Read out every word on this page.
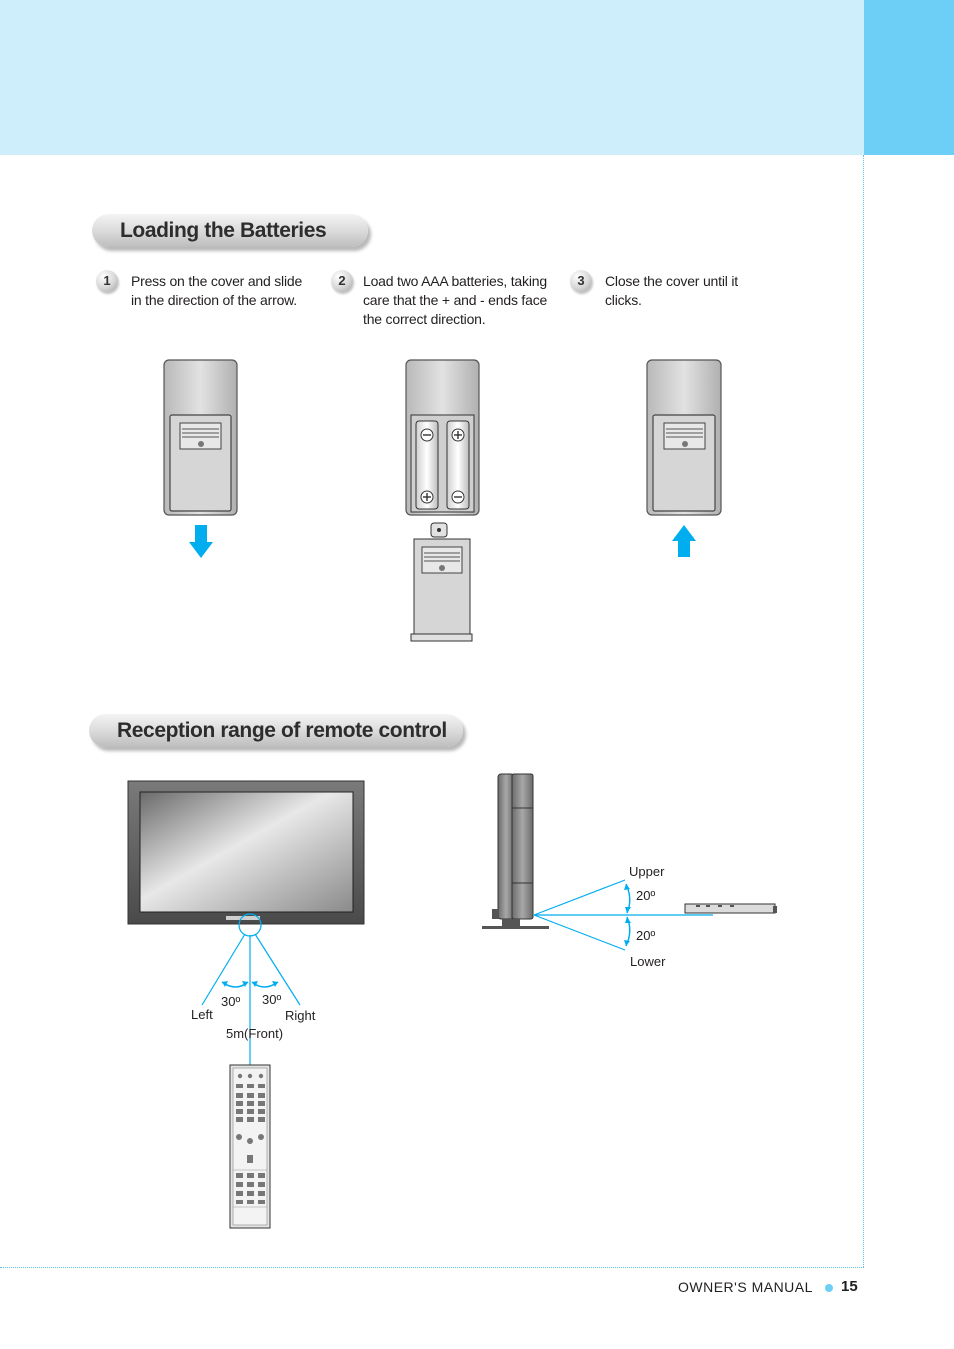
Loading the Batteries
1	Press on the cover and slide
in the direction of the arrow.
2	Load two AAA batteries, taking
care that the + and - ends face
the correct direction.
3	Close the cover until it
clicks.
Reception range of remote control
30º 30º
Left	Right
5m(Front)
Upper
20º
20º
Lower
OWNER'S MANUAL 15
